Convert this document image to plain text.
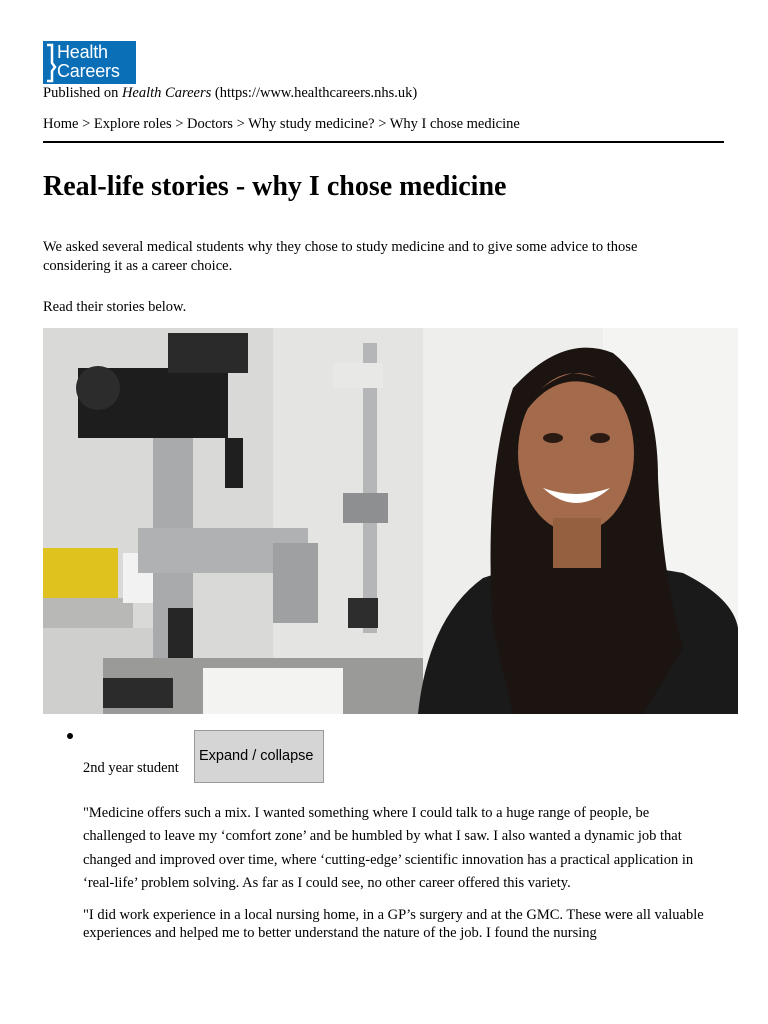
Health
Careers
Published on Health Careers (https://www.healthcareers.nhs.uk)
Home > Explore roles > Doctors > Why study medicine? > Why I chose medicine
Real-life stories - why I chose medicine

We asked several medical students why they chose to study medicine and to give some advice to those considering it as a career choice.

Read their stories below.

2nd year student
Expand / collapse

"Medicine offers such a mix. I wanted something where I could talk to a huge range of people, be challenged to leave my ‘comfort zone’ and be humbled by what I saw. I also wanted a dynamic job that changed and improved over time, where ‘cutting-edge’ scientific innovation has a practical application in ‘real-life’ problem solving. As far as I could see, no other career offered this variety.

"I did work experience in a local nursing home, in a GP’s surgery and at the GMC. These were all valuable experiences and helped me to better understand the nature of the job. I found the nursing
